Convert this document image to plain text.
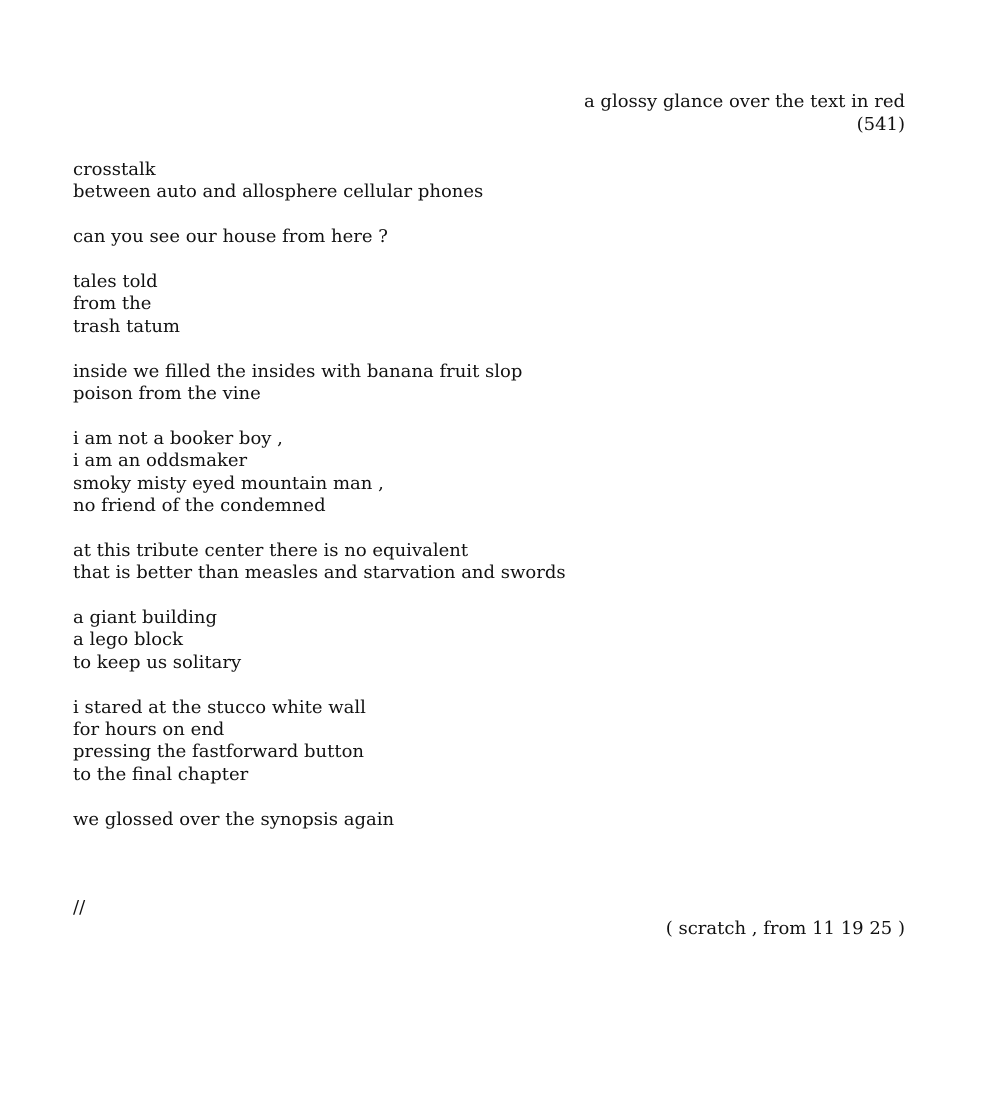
a glossy glance over the text in red
(541)
crosstalk
between auto and allosphere cellular phones
can you see our house from here ?
tales told
from the
trash tatum
inside we filled the insides with banana fruit slop
poison from the vine
i am not a booker boy ,
i am an oddsmaker
smoky misty eyed mountain man ,
no friend of the condemned
at this tribute center there is no equivalent
that is better than measles and starvation and swords
a giant building
a lego block
to keep us solitary
i stared at the stucco white wall
for hours on end
pressing the fastforward button
to the final chapter
we glossed over the synopsis again
//
( scratch , from 11 19 25 )
